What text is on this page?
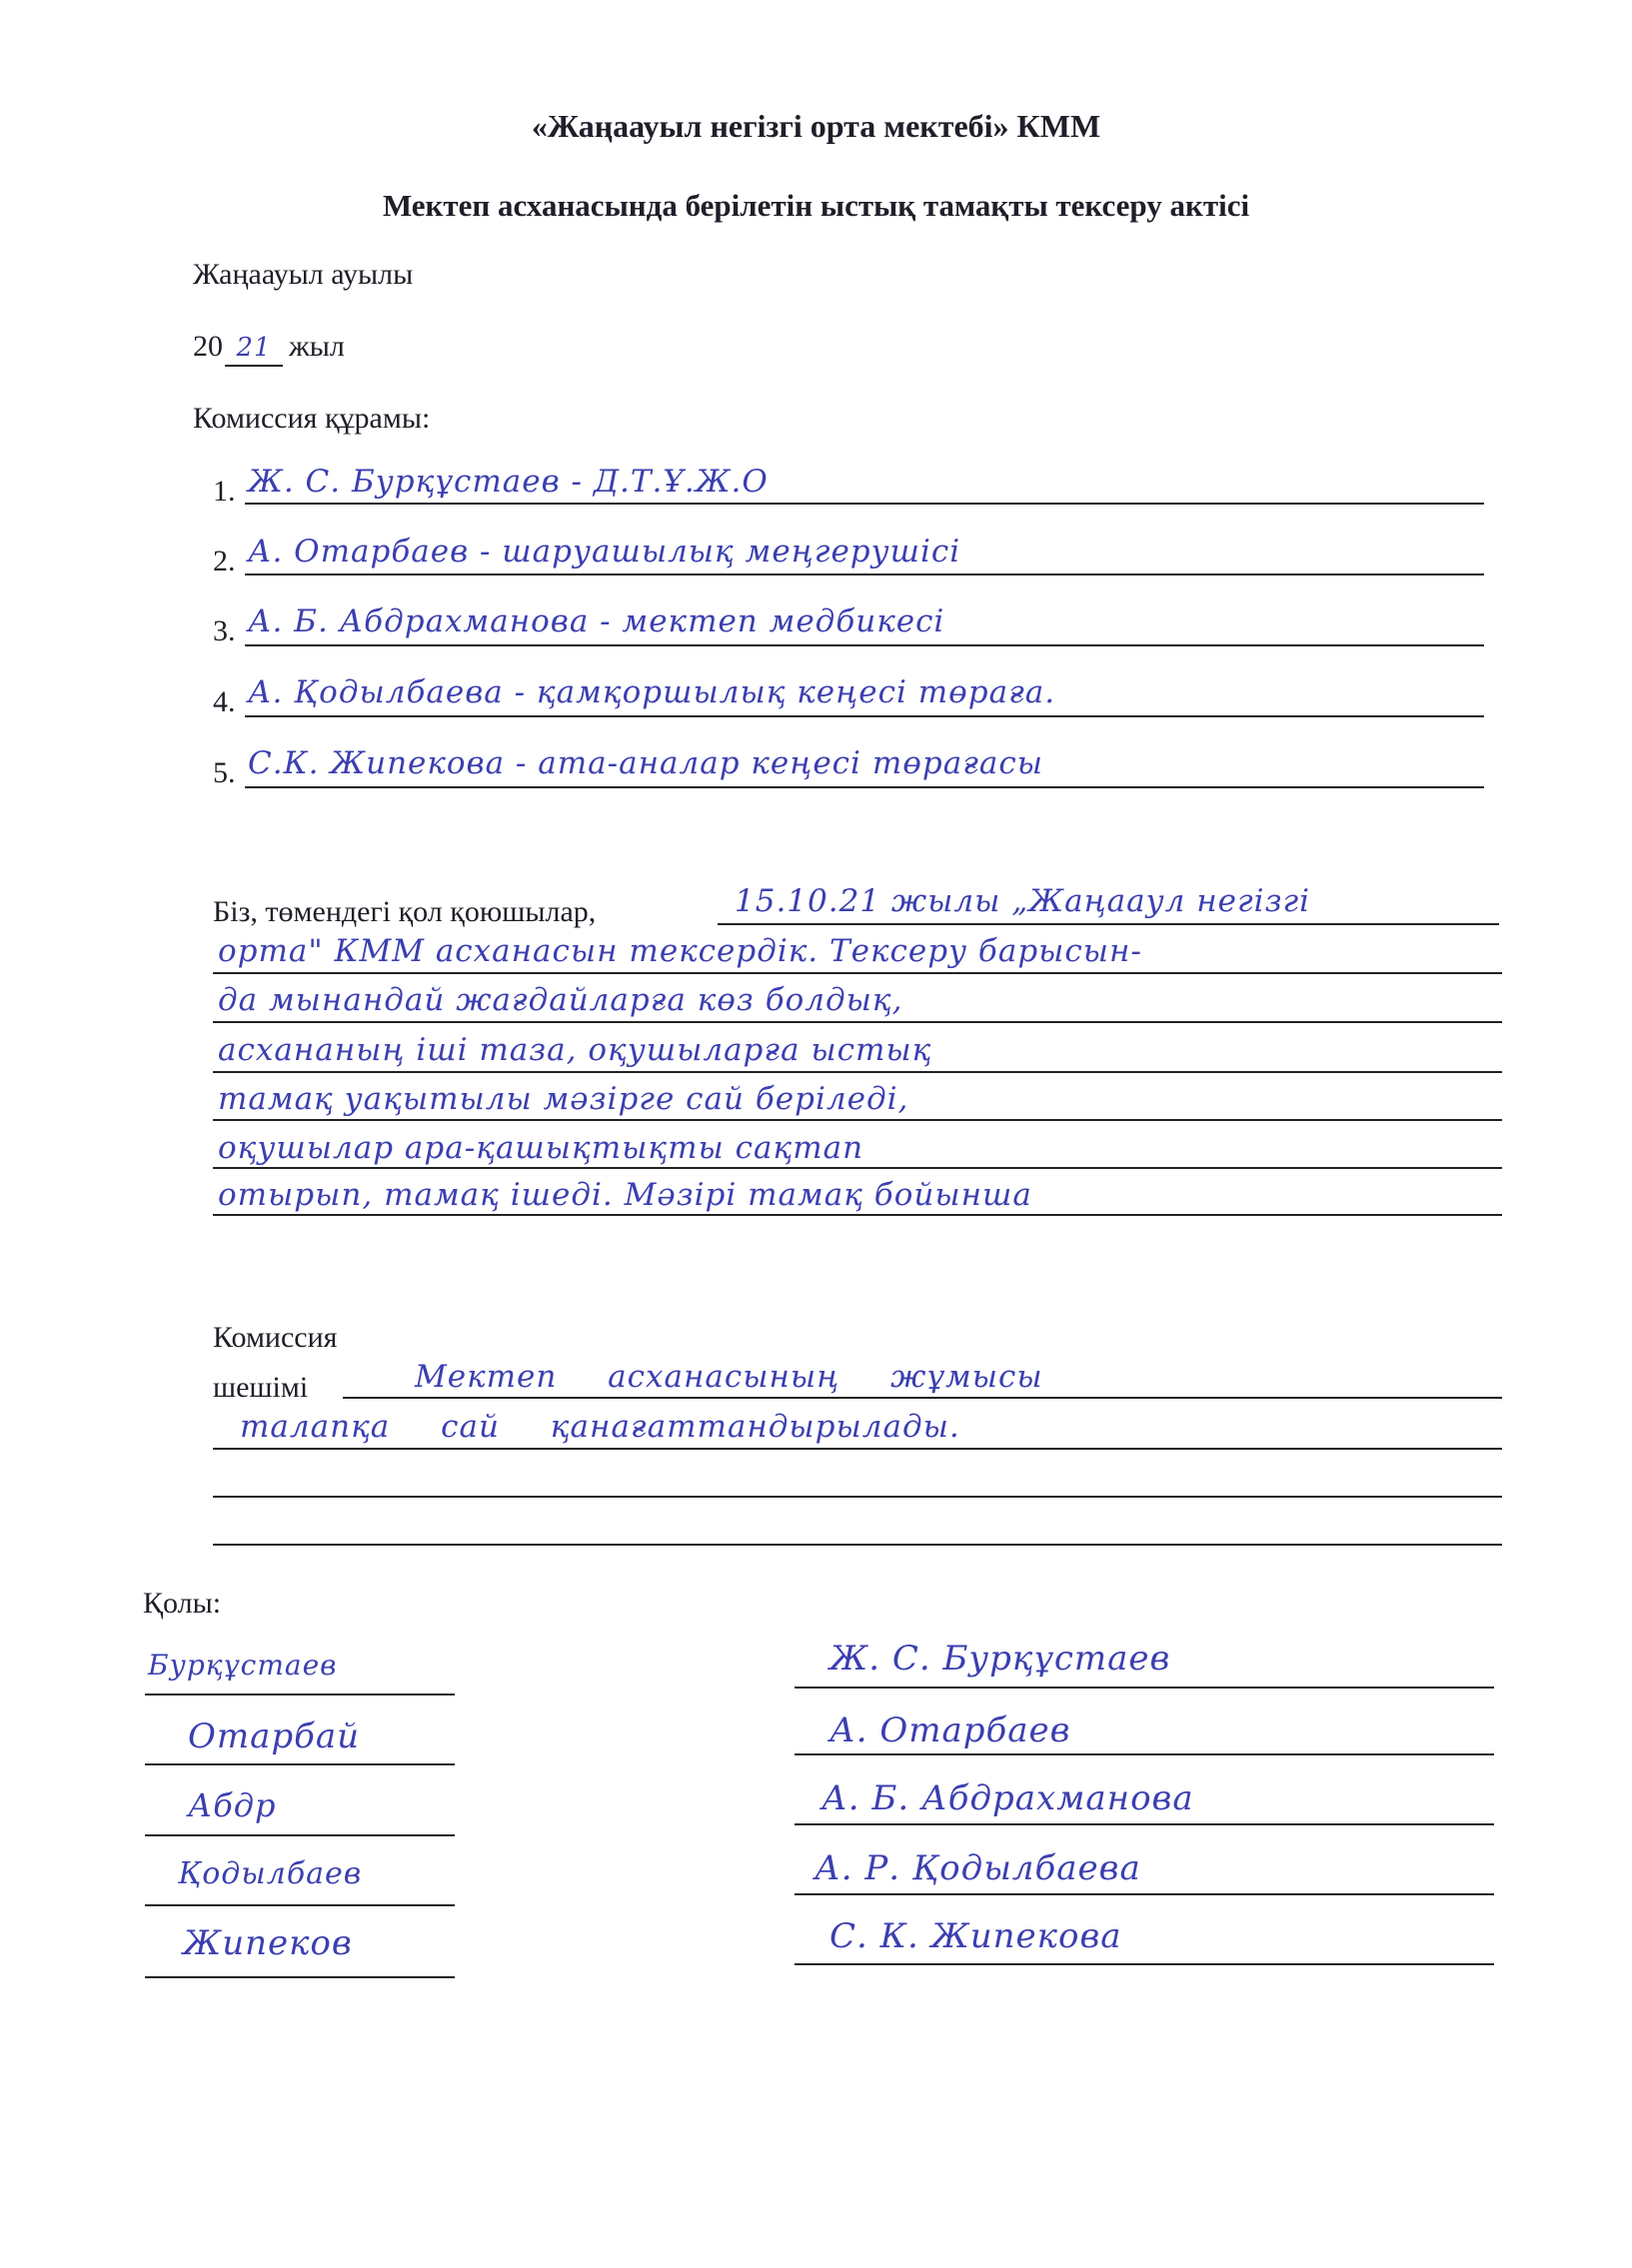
«Жаңаауыл негізгі орта мектебі» КММ
Мектеп асханасында берілетін ыстық тамақты тексеру актісі
Жаңаауыл ауылы
20 21 жыл
Комиссия құрамы:
1. Ж. С. Бурқұстаев - Д.Т.Ұ.Ж.О
2. А. Отарбаев - шаруашылық меңгерушісі
3. А. Б. Абдрахманова - мектеп медбикесі
4. А. Қодылбаева - қамқоршылық кеңесі төраға.
5. С.К. Жипекова - ата-аналар кеңесі төрағасы
Біз, төмендегі қол қоюшылар,	15.10.21 жылы „Жаңааул негізгі
орта" КММ асханасын тексердік. Тексеру барысын-
да мынандай жағдайларға көз болдық,
асхананың іші таза, оқушыларға ыстық
тамақ уақытылы мәзірге сай беріледі,
оқушылар ара-қашықтықты сақтап
отырып, тамақ ішеді. Мәзірі тамақ бойынша
Комиссия
шешімі	Мектеп асханасының жұмысы
талапқа сай қанағаттандырылады.
Қолы:
Бурқұстаев
Отарбай
Абдр
Қодылбаев
Жипеков
Ж. С. Бурқұстаев
А. Отарбаев
А. Б. Абдрахманова
А. Р. Қодылбаева
С. К. Жипекова
